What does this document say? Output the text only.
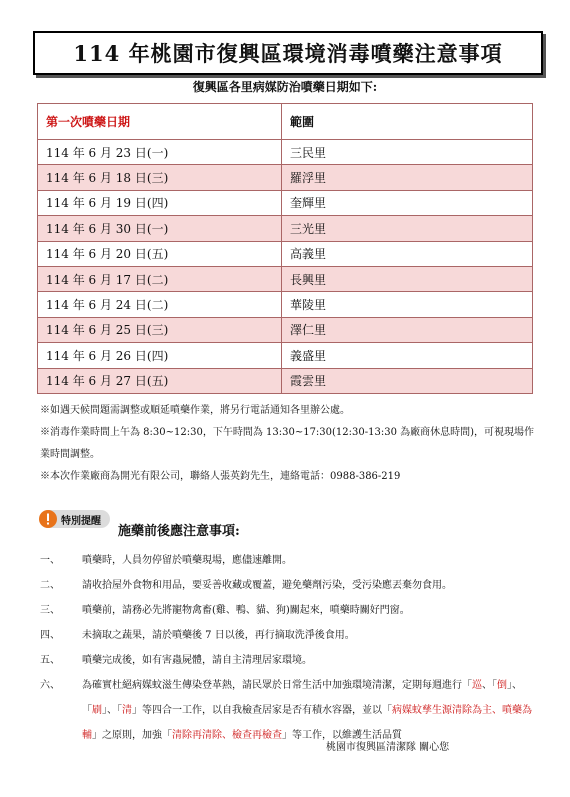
114 年桃園市復興區環境消毒噴藥注意事項
復興區各里病媒防治噴藥日期如下:
第一次噴藥日期	範圍
114 年 6 月 23 日(一)	三民里
114 年 6 月 18 日(三)	羅浮里
114 年 6 月 19 日(四)	奎輝里
114 年 6 月 30 日(一)	三光里
114 年 6 月 20 日(五)	高義里
114 年 6 月 17 日(二)	長興里
114 年 6 月 24 日(二)	華陵里
114 年 6 月 25 日(三)	澤仁里
114 年 6 月 26 日(四)	義盛里
114 年 6 月 27 日(五)	霞雲里

※如遇天候問題需調整或順延噴藥作業，將另行電話通知各里辦公處。

※消毒作業時間上午為 8:30~12:30，下午時間為 13:30~17:30(12:30-13:30 為廠商休息時間)，可視現場作業時間調整。

※本次作業廠商為開光有限公司，聯絡人張英鈞先生，連絡電話：0988-386-219

特別提醒
施藥前後應注意事項:
一、	噴藥時，人員勿停留於噴藥現場，應儘速離開。
二、	請收拾屋外食物和用品，要妥善收藏或覆蓋，避免藥劑污染，受污染應丟棄勿食用。
三、	噴藥前，請務必先將寵物禽畜(雞、鴨、貓、狗)關起來，噴藥時關好門窗。
四、	未摘取之蔬果，請於噴藥後 7 日以後，再行摘取洗淨後食用。
五、	噴藥完成後，如有害蟲屍體，請自主清理居家環境。
六、	為確實杜絕病媒蚊滋生傳染登革熱，請民眾於日常生活中加強環境清潔，定期每週進行「巡、「倒」、「刷」、「清」等四合一工作，以自我檢查居家是否有積水容器，並以「病媒蚊孳生源清除為主、噴藥為輔」之原則，加強「清除再清除、檢查再檢查」等工作，以維護生活品質
桃園市復興區清潔隊 關心您
